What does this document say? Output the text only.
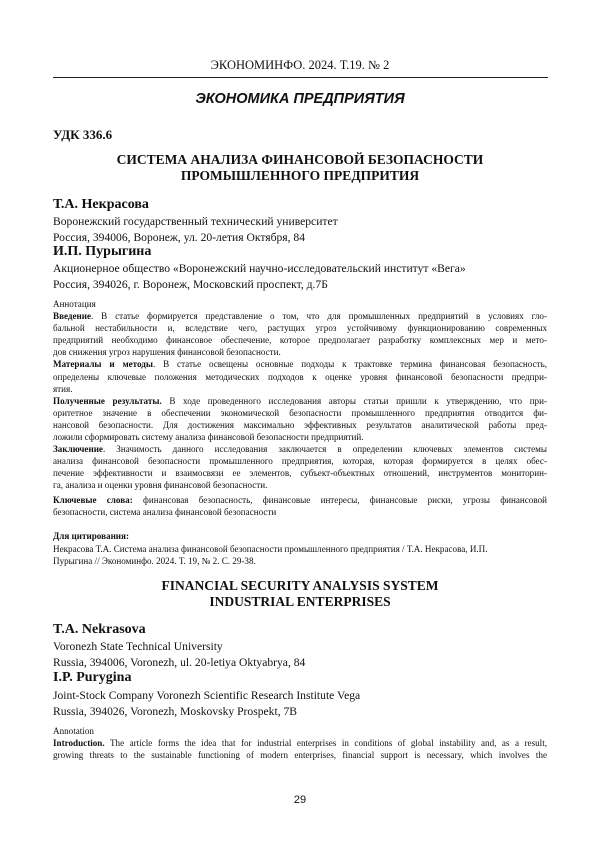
ЭКОНОМИНФО. 2024. Т.19. № 2
ЭКОНОМИКА ПРЕДПРИЯТИЯ
УДК 336.6
СИСТЕМА АНАЛИЗА ФИНАНСОВОЙ БЕЗОПАСНОСТИ
ПРОМЫШЛЕННОГО ПРЕДПРИТИЯ
Т.А. Некрасова
Воронежский государственный технический университет
Россия, 394006, Воронеж, ул. 20-летия Октября, 84
И.П. Пурыгина
Акционерное общество «Воронежский научно-исследовательский институт «Вега»
Россия, 394026, г. Воронеж, Московский проспект, д.7Б
Аннотация
Введение. В статье формируется представление о том, что для промышленных предприятий в условиях гло-
бальной нестабильности и, вследствие чего, растущих угроз устойчивому функционированию современных
предприятий необходимо финансовое обеспечение, которое предполагает разработку комплексных мер и мето-
дов снижения угроз нарушения финансовой безопасности.
Материалы и методы. В статье освещены основные подходы к трактовке термина финансовая безопасность,
определены ключевые положения методических подходов к оценке уровня финансовой безопасности предпри-
ятия.
Полученные результаты. В ходе проведенного исследования авторы статьи пришли к утверждению, что при-
оритетное значение в обеспечении экономической безопасности промышленного предприятия отводится фи-
нансовой безопасности. Для достижения максимально эффективных результатов аналитической работы пред-
ложили сформировать систему анализа финансовой безопасности предприятий.
Заключение. Значимость данного исследования заключается в определении ключевых элементов системы
анализа финансовой безопасности промышленного предприятия, которая, которая формируется в целях обес-
печение эффективности и взаимосвязи ее элементов, субъект-объектных отношений, инструментов мониторин-
га, анализа и оценки уровня финансовой безопасности.
Ключевые слова: финансовая безопасность, финансовые интересы, финансовые риски, угрозы финансовой
безопасности, система анализа финансовой безопасности
Для цитирования:
Некрасова Т.А. Система анализа финансовой безопасности промышленного предприятия / Т.А. Некрасова, И.П.
Пурыгина // Экономинфо. 2024. Т. 19, № 2. С. 29-38.
FINANCIAL SECURITY ANALYSIS SYSTEM
INDUSTRIAL ENTERPRISES
T.A. Nekrasova
Voronezh State Technical University
Russia, 394006, Voronezh, ul. 20-letiya Oktyabrya, 84
I.P. Purygina
Joint-Stock Company Voronezh Scientific Research Institute Vega
Russia, 394026, Voronezh, Moskovsky Prospekt, 7B
Annotation
Introduction. The article forms the idea that for industrial enterprises in conditions of global instability and, as a result,
growing threats to the sustainable functioning of modern enterprises, financial support is necessary, which involves the
29
